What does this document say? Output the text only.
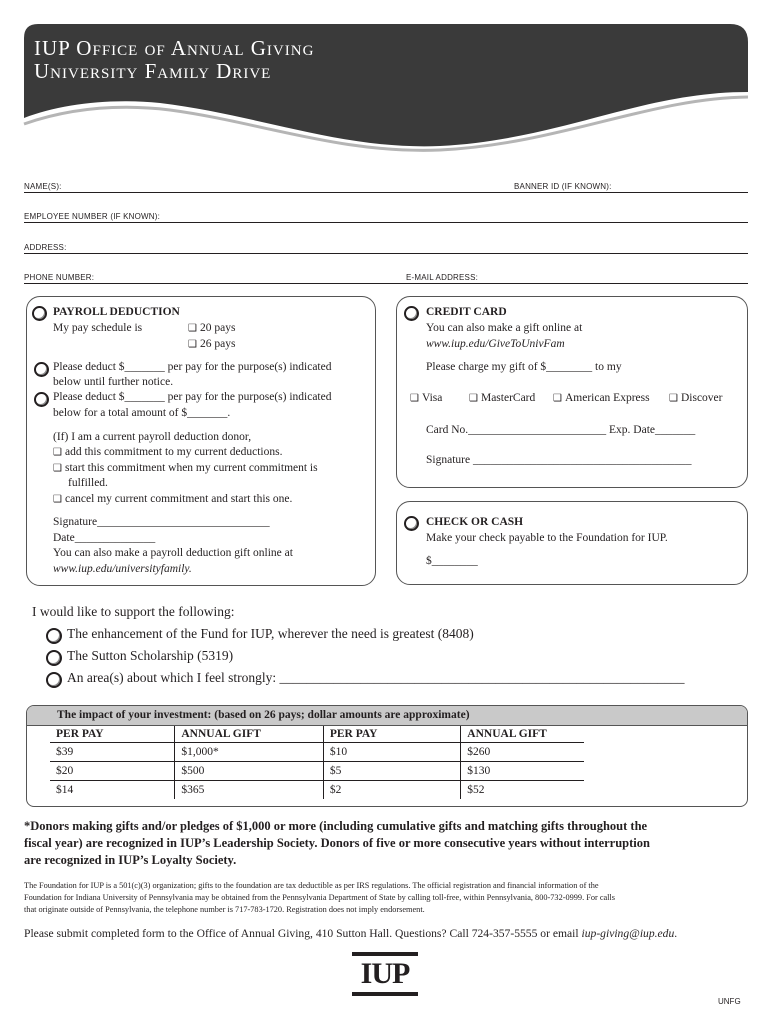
IUP Office of Annual Giving
University Family Drive
NAME(S):	BANNER ID (IF KNOWN):
EMPLOYEE NUMBER (IF KNOWN):
ADDRESS:
PHONE NUMBER:	E-MAIL ADDRESS:
PAYROLL DEDUCTION
My pay schedule is	❑ 20 pays
❑ 26 pays
Please deduct $_______ per pay for the purpose(s) indicated
below until further notice.
Please deduct $_______ per pay for the purpose(s) indicated
below for a total amount of $_______.
(If) I am a current payroll deduction donor,
❑ add this commitment to my current deductions.
❑ start this commitment when my current commitment is
fulfilled.
❑ cancel my current commitment and start this one.
Signature______________________________
Date______________
You can also make a payroll deduction gift online at
www.iup.edu/universityfamily.
CREDIT CARD
You can also make a gift online at
www.iup.edu/GiveToUnivFam
Please charge my gift of $________ to my
❑ Visa	❑ MasterCard	❑ American Express	❑ Discover
Card No.________________________ Exp. Date_______
Signature ______________________________________
CHECK OR CASH
Make your check payable to the Foundation for IUP.
$________
I would like to support the following:
The enhancement of the Fund for IUP, wherever the need is greatest (8408)
The Sutton Scholarship (5319)
An area(s) about which I feel strongly: ____________________________________________________________
The impact of your investment: (based on 26 pays; dollar amounts are approximate)
PER PAY	ANNUAL GIFT	PER PAY	ANNUAL GIFT
$39	$1,000*	$10	$260
$20	$500	$5	$130
$14	$365	$2	$52
*Donors making gifts and/or pledges of $1,000 or more (including cumulative gifts and matching gifts throughout the
fiscal year) are recognized in IUP’s Leadership Society. Donors of five or more consecutive years without interruption
are recognized in IUP’s Loyalty Society.
The Foundation for IUP is a 501(c)(3) organization; gifts to the foundation are tax deductible as per IRS regulations. The official registration and financial information of the
Foundation for Indiana University of Pennsylvania may be obtained from the Pennsylvania Department of State by calling toll-free, within Pennsylvania, 800-732-0999. For calls
that originate outside of Pennsylvania, the telephone number is 717-783-1720. Registration does not imply endorsement.
Please submit completed form to the Office of Annual Giving, 410 Sutton Hall. Questions? Call 724-357-5555 or email iup-giving@iup.edu.
IUP
UNFG
